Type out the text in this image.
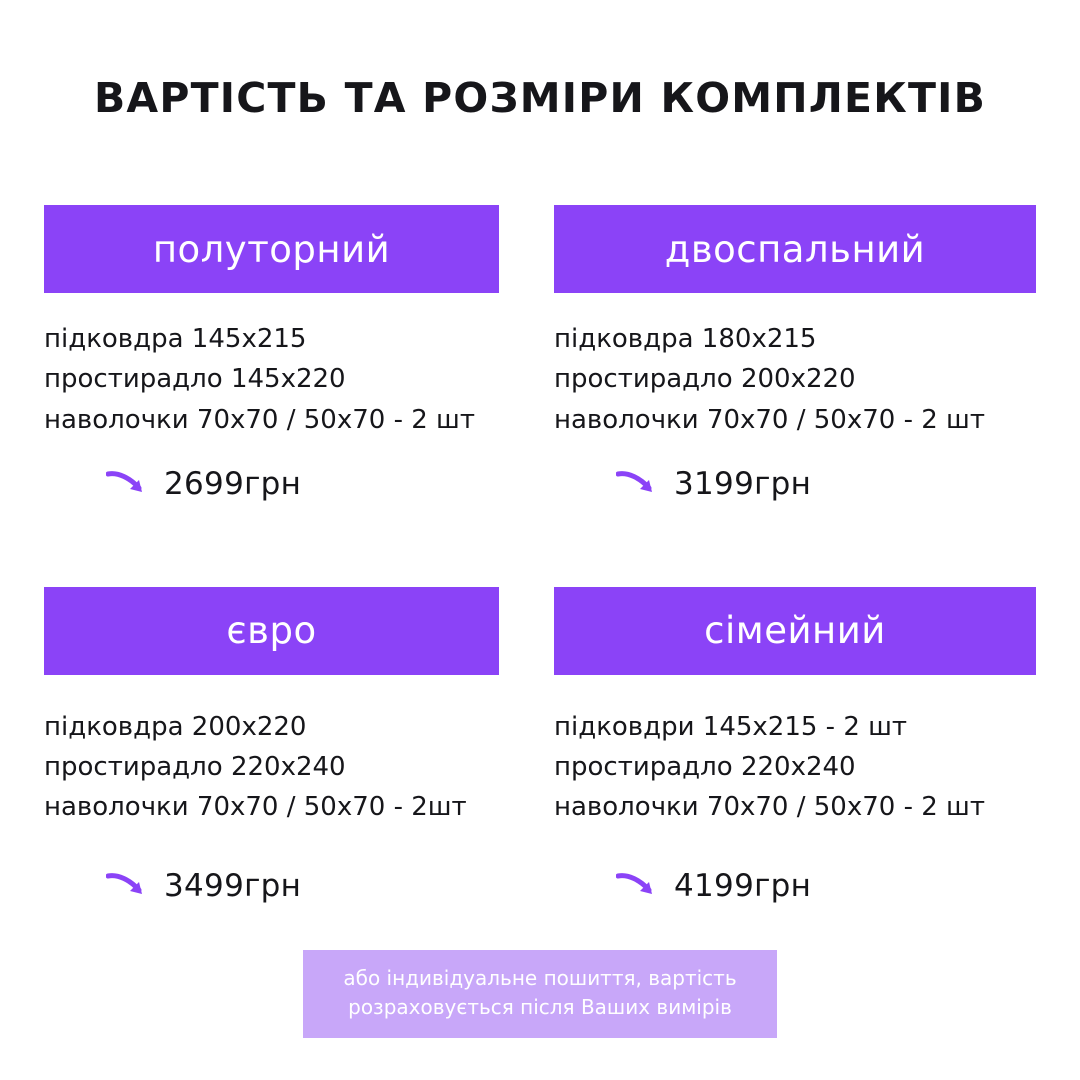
ВАРТІСТЬ ТА РОЗМІРИ КОМПЛЕКТІВ
полуторний
підковдра 145х215
простирадло 145х220
наволочки 70х70 / 50х70 - 2 шт
2699грн
двоспальний
підковдра 180х215
простирадло 200х220
наволочки 70х70 / 50х70 - 2 шт
3199грн
євро
підковдра 200х220
простирадло 220х240
наволочки 70х70 / 50х70 - 2шт
3499грн
сімейний
підковдри 145х215 - 2 шт
простирадло 220х240
наволочки 70х70 / 50х70 - 2 шт
4199грн
або індивідуальне пошиття, вартість
розраховується після Ваших вимірів
